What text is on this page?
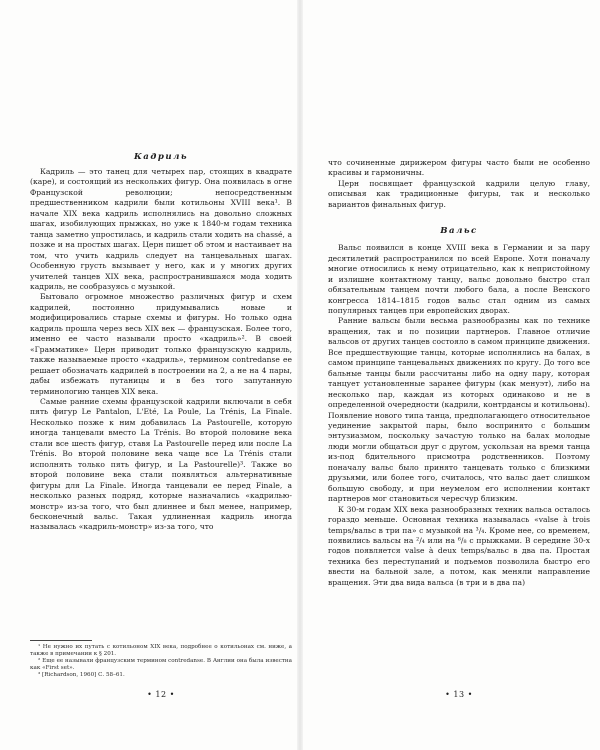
Кадриль

Кадриль — это танец для четырех пар, стоящих в квадрате (каре), и состоящий из нескольких фигур. Она появилась в огне Французской революции; непосредственным предшественником кадрили были котильоны XVIII века¹. В начале XIX века кадриль исполнялись на довольно сложных шагах, изобилующих прыжках, но уже к 1840-м годам техника танца заметно упростилась, и кадриль стали ходить на chassé, а позже и на простых шагах. Церн пишет об этом и настаивает на том, что учить кадриль следует на танцевальных шагах. Особенную грусть вызывает у него, как и у многих других учителей танцев XIX века, распространившаяся мода ходить кадриль, не сообразуясь с музыкой.

Бытовало огромное множество различных фигур и схем кадрилей, постоянно придумывались новые и модифицировались старые схемы и фигуры. Но только одна кадриль прошла через весь XIX век — французская. Более того, именно ее часто называли просто «кадриль»². В своей «Грамматике» Церн приводит только французскую кадриль, также называемые просто «кадриль», термином contredanse ее решает обозначать кадрилей в построении на 2, а не на 4 пары, дабы избежать путаницы и в без того запутанную терминологию танцев XIX века.

Самые ранние схемы французской кадрили включали в себя пять фигур Le Pantalon, L'Eté, La Poule, La Trénis, La Finale. Несколько позже к ним добавилась La Pastourelle, которую иногда танцевали вместо La Trénis. Во второй половине века стали все шесть фигур, ставя La Pastourelle перед или после La Trénis. Во второй половине века чаще все La Trénis стали исполнять только пять фигур, и La Pastourelle)³. Также во второй половине века стали появляться альтернативные фигуры для La Finale. Иногда танцевали ее перед Finale, а несколько разных подряд, которые назначались «кадрилью-монстр» из-за того, что был длиннее и был менее, например, бесконечный вальс. Такая удлиненная кадриль иногда называлась «кадриль-монстр» из-за того, что

¹ Не нужно их путать с котильоном XIX века, подробнее о котильонах см. ниже, а также в примечании к § 201.

² Еще ее называли французским термином contredanse. В Англии она была известна как «First set».

³ [Richardson, 1960] С. 58–61.

• 12 •

что сочиненные дирижером фигуры часто были не особенно красивы и гармоничны.

Церн посвящает французской кадрили целую главу, описывая как традиционные фигуры, так и несколько вариантов финальных фигур.

Вальс

Вальс появился в конце XVIII века в Германии и за пару десятилетий распространился по всей Европе. Хотя поначалу многие относились к нему отрицательно, как к непристойному и излишне контактному танцу, вальс довольно быстро стал обязательным танцем почти любого бала, а после Венского конгресса 1814–1815 годов вальс стал одним из самых популярных танцев при европейских дворах.

Ранние вальсы были весьма разнообразны как по технике вращения, так и по позиции партнеров. Главное отличие вальсов от других танцев состояло в самом принципе движения. Все предшествующие танцы, которые исполнялись на балах, в самом принципе танцевальных движениях по кругу. До того все бальные танцы были рассчитаны либо на одну пару, которая танцует установленные заранее фигуры (как менуэт), либо на несколько пар, каждая из которых одинаково и не в определенной очередности (кадрили, контрдансы и котильоны). Появление нового типа танца, предполагающего относительное уединение закрытой пары, было воспринято с большим энтузиазмом, поскольку зачастую только на балах молодые люди могли общаться друг с другом, ускользая на время танца из-под бдительного присмотра родственников. Поэтому поначалу вальс было принято танцевать только с близкими друзьями, или более того, считалось, что вальс дает слишком большую свободу, и при неумелом его исполнении контакт партнеров мог становиться чересчур близким.

К 30-м годам XIX века разнообразных техник вальса осталось гораздо меньше. Основная техника называлась «valse à trois temps/вальс в три па» с музыкой на ³/₄. Кроме нее, со временем, появились вальсы на ²/₄ или на ⁶/₈ с прыжками. В середине 30-х годов появляется valse à deux temps/вальс в два па. Простая техника без переступаний и подъемов позволила быстро его ввести на бальной зале, а потом, как меняли направление вращения. Эти два вида вальса (в три и в два па)

• 13 •
